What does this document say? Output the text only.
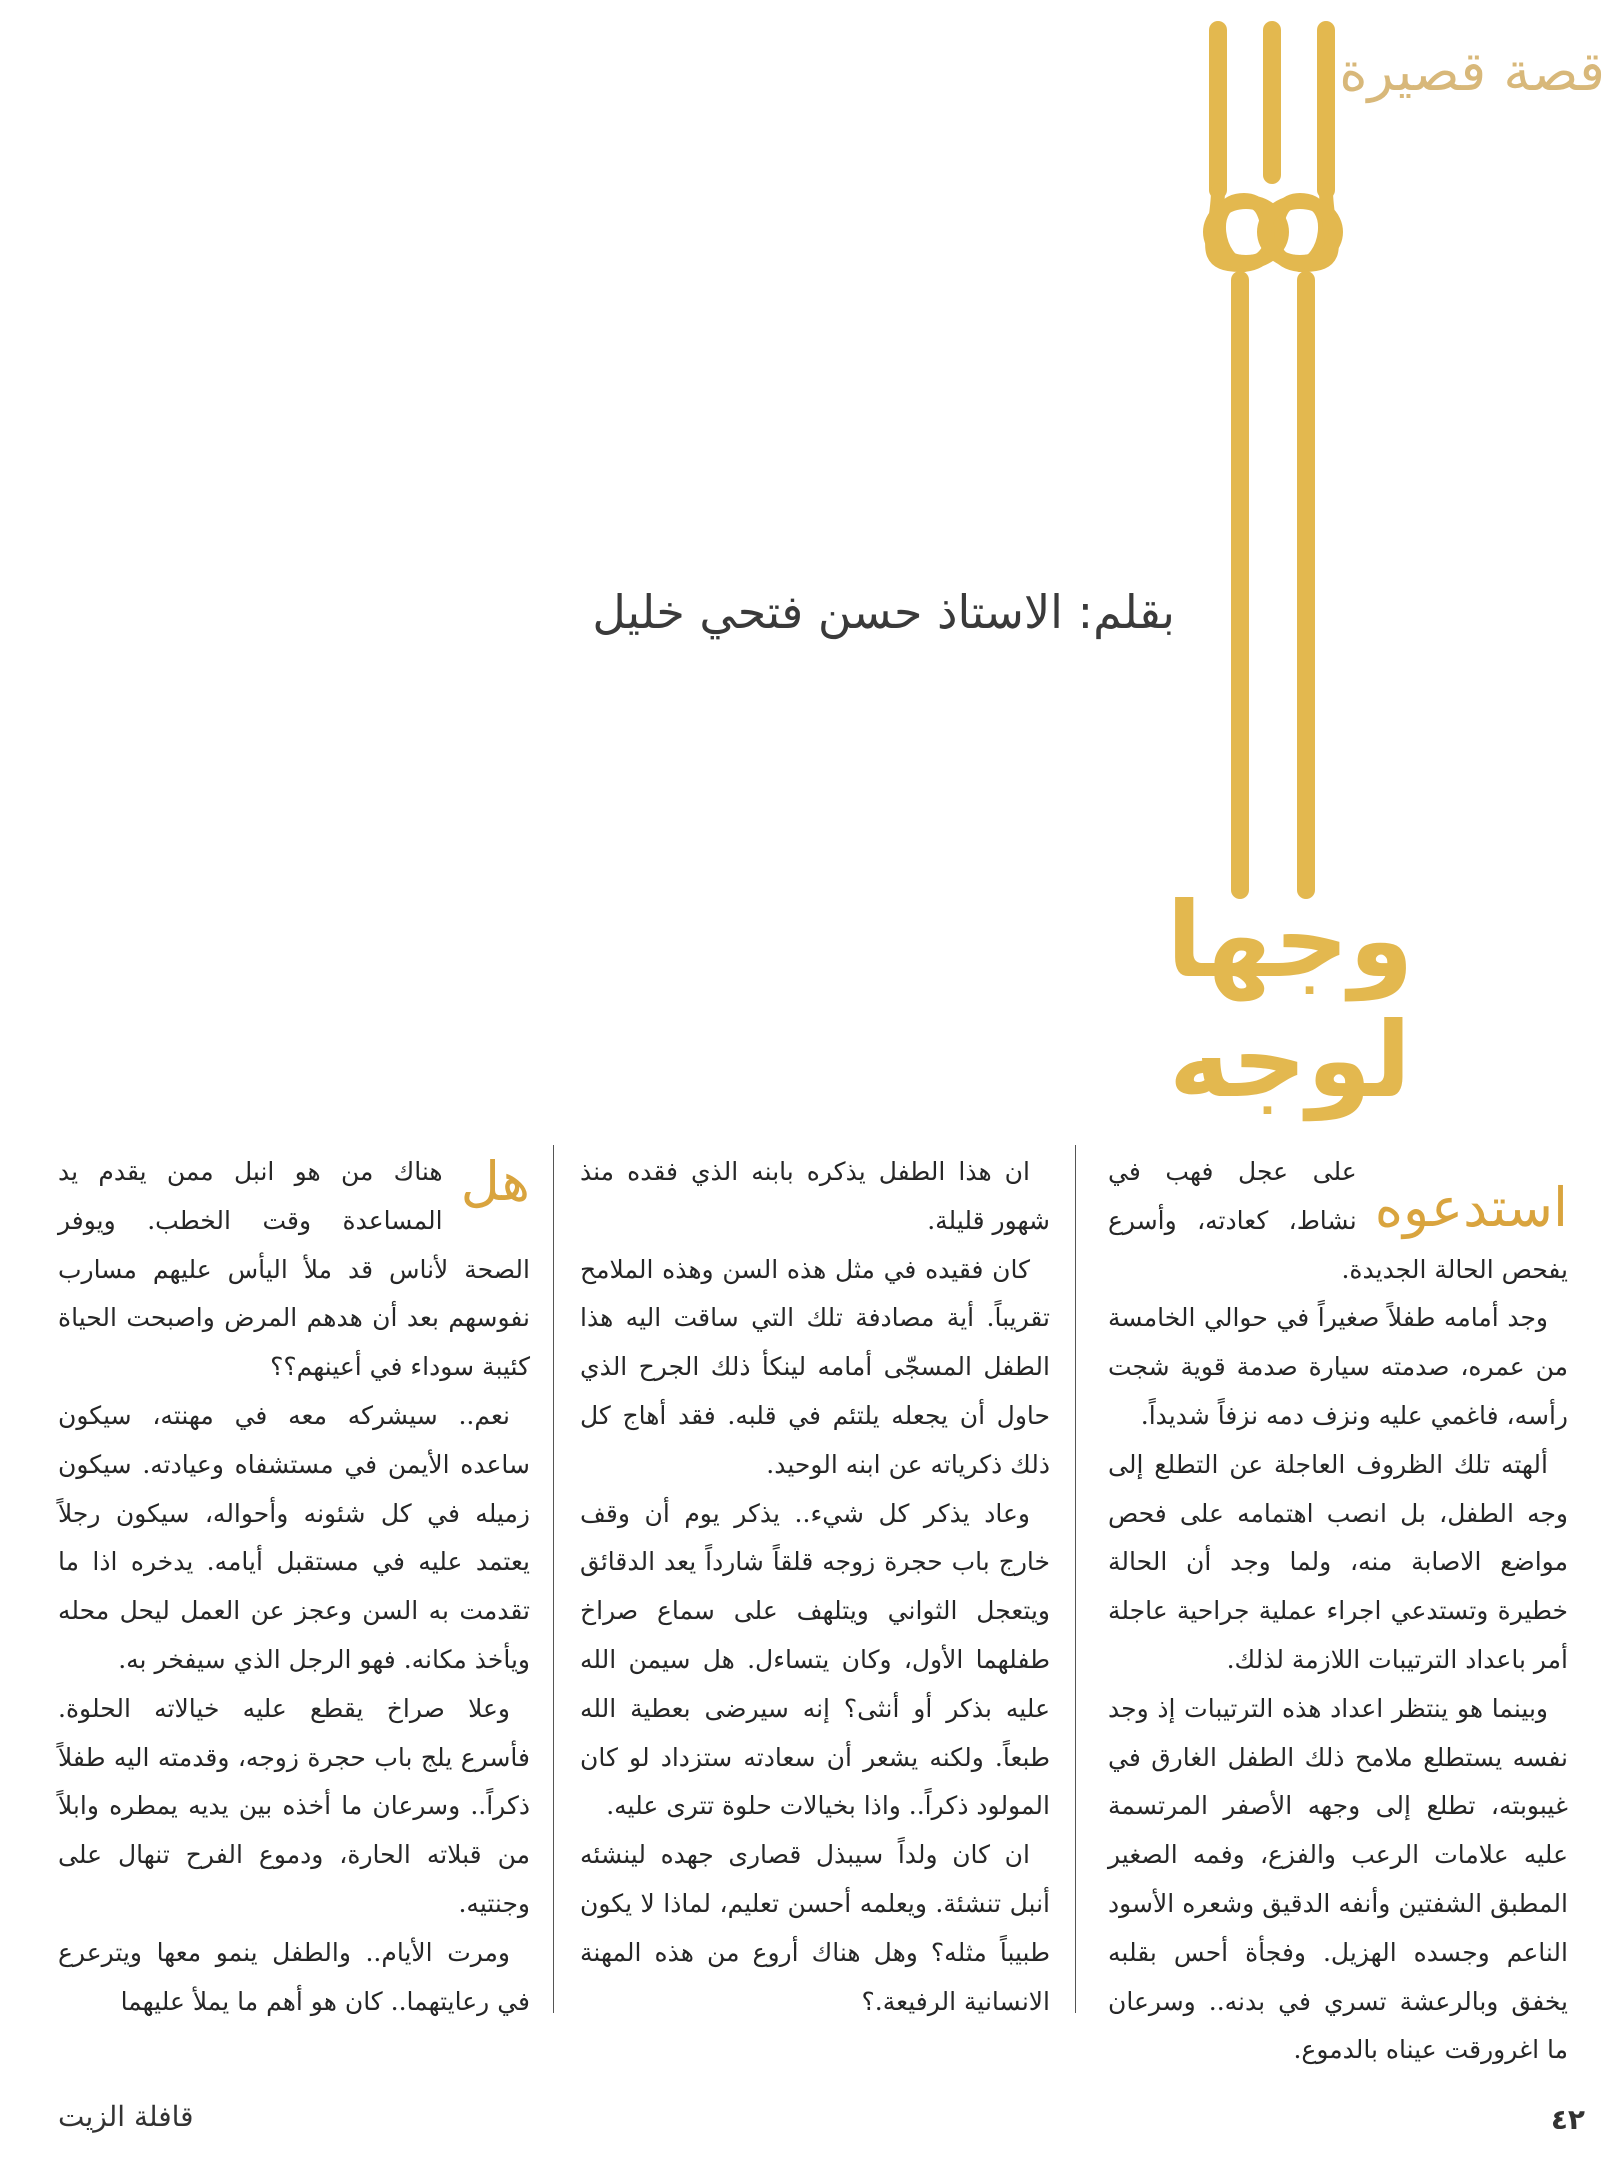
قصة قصيرة
بقلم: الاستاذ حسن فتحي خليل
وجها لوجه
استدعوه

على عجل فهب في نشاط، كعادته، وأسرع يفحص الحالة الجديدة.

وجد أمامه طفلاً صغيراً في حوالي الخامسة من عمره، صدمته سيارة صدمة قوية شجت رأسه، فاغمي عليه ونزف دمه نزفاً شديداً.

ألهته تلك الظروف العاجلة عن التطلع إلى وجه الطفل، بل انصب اهتمامه على فحص مواضع الاصابة منه، ولما وجد أن الحالة خطيرة وتستدعي اجراء عملية جراحية عاجلة أمر باعداد الترتيبات اللازمة لذلك.

وبينما هو ينتظر اعداد هذه الترتيبات إذ وجد نفسه يستطلع ملامح ذلك الطفل الغارق في غيبوبته، تطلع إلى وجهه الأصفر المرتسمة عليه علامات الرعب والفزع، وفمه الصغير المطبق الشفتين وأنفه الدقيق وشعره الأسود الناعم وجسده الهزيل. وفجأة أحس بقلبه يخفق وبالرعشة تسري في بدنه.. وسرعان ما اغرورقت عيناه بالدموع.

ان هذا الطفل يذكره بابنه الذي فقده منذ شهور قليلة.

كان فقيده في مثل هذه السن وهذه الملامح تقريباً. أية مصادفة تلك التي ساقت اليه هذا الطفل المسجّى أمامه لينكأ ذلك الجرح الذي حاول أن يجعله يلتئم في قلبه. فقد أهاج كل ذلك ذكرياته عن ابنه الوحيد.

وعاد يذكر كل شيء.. يذكر يوم أن وقف خارج باب حجرة زوجه قلقاً شارداً يعد الدقائق ويتعجل الثواني ويتلهف على سماع صراخ طفلهما الأول، وكان يتساءل. هل سيمن الله عليه بذكر أو أنثى؟ إنه سيرضى بعطية الله طبعاً. ولكنه يشعر أن سعادته ستزداد لو كان المولود ذكراً.. واذا بخيالات حلوة تترى عليه.

ان كان ولداً سيبذل قصارى جهده لينشئه أنبل تنشئة. ويعلمه أحسن تعليم، لماذا لا يكون طبيباً مثله؟ وهل هناك أروع من هذه المهنة الانسانية الرفيعة.؟

هل

هناك من هو انبل ممن يقدم يد المساعدة وقت الخطب. ويوفر الصحة لأناس قد ملأ اليأس عليهم مسارب نفوسهم بعد أن هدهم المرض واصبحت الحياة كئيبة سوداء في أعينهم؟؟

نعم.. سيشركه معه في مهنته، سيكون ساعده الأيمن في مستشفاه وعيادته. سيكون زميله في كل شئونه وأحواله، سيكون رجلاً يعتمد عليه في مستقبل أيامه. يدخره اذا ما تقدمت به السن وعجز عن العمل ليحل محله ويأخذ مكانه. فهو الرجل الذي سيفخر به.

وعلا صراخ يقطع عليه خيالاته الحلوة. فأسرع يلج باب حجرة زوجه، وقدمته اليه طفلاً ذكراً.. وسرعان ما أخذه بين يديه يمطره وابلاً من قبلاته الحارة، ودموع الفرح تنهال على وجنتيه.

ومرت الأيام.. والطفل ينمو معها ويترعرع في رعايتهما.. كان هو أهم ما يملأ عليهما

٤٢
قافلة الزيت
